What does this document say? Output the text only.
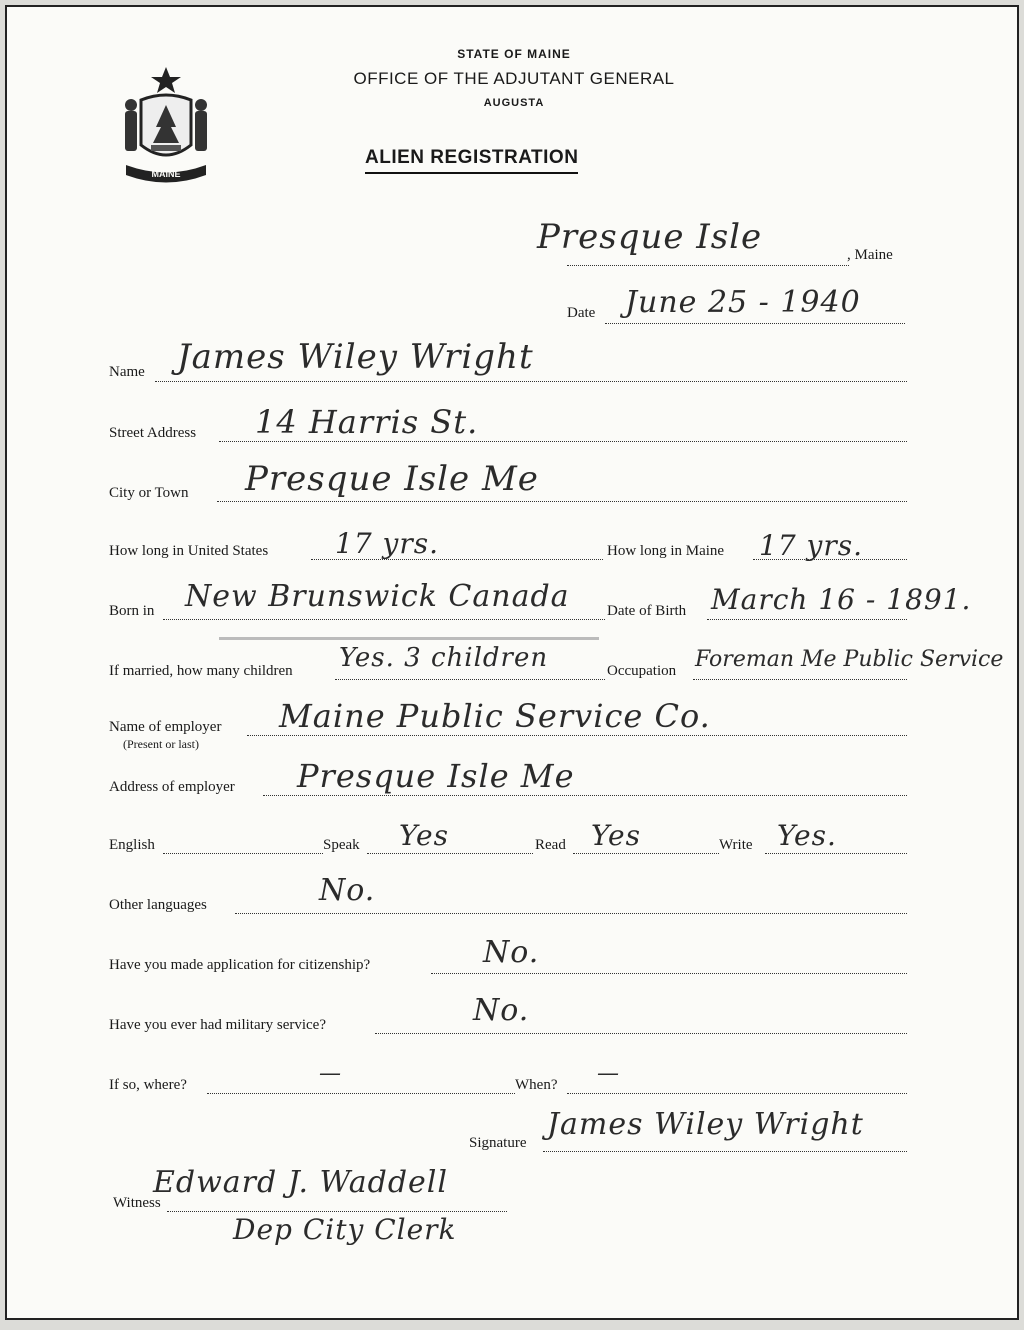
MAINE
STATE OF MAINE
OFFICE OF THE ADJUTANT GENERAL
AUGUSTA
ALIEN REGISTRATION
Presque Isle	, Maine
Date June 25 - 1940
Name James Wiley Wright
Street Address 14 Harris St.
City or Town Presque Isle Me
How long in United States 17 yrs.	How long in Maine 17 yrs.
Born in New Brunswick Canada Date of Birth March 16 - 1891.
If married, how many children Yes. 3 children	Occupation Foreman Me Public Service
Name of employer
(Present or last)
Maine Public Service Co.
Address of employer Presque Isle Me
English	Speak Yes	Read Yes	Write Yes.
Other languages	No.
Have you made application for citizenship?	No.
Have you ever had military service?	No.
If so, where?	—	When? —
Signature
James Wiley Wright
Witness
Edward J. Waddell
Dep City Clerk
